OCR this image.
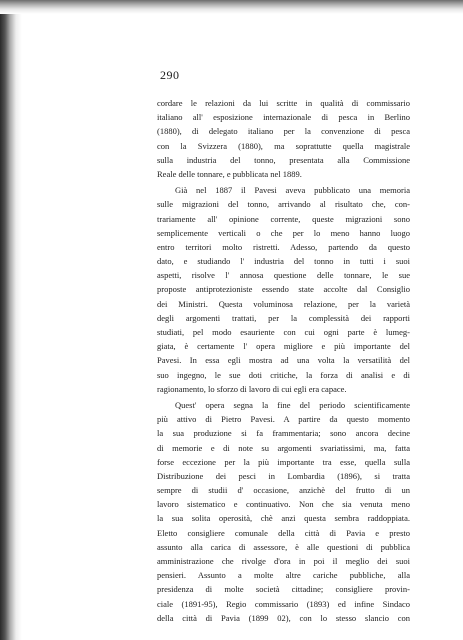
290
cordare le relazioni da lui scritte in qualità di commissario
italiano all' esposizione internazionale di pesca in Berlino
(1880), di delegato italiano per la convenzione di pesca
con la Svizzera (1880), ma soprattutte quella magistrale
sulla industria del tonno, presentata alla Commissione
Reale delle tonnare, e pubblicata nel 1889.
Già nel 1887 il Pavesi aveva pubblicato una memoria
sulle migrazioni del tonno, arrivando al risultato che, con-
trariamente all' opinione corrente, queste migrazioni sono
semplicemente verticali o che per lo meno hanno luogo
entro territori molto ristretti. Adesso, partendo da questo
dato, e studiando l' industria del tonno in tutti i suoi
aspetti, risolve l' annosa questione delle tonnare, le sue
proposte antiprotezioniste essendo state accolte dal Consiglio
dei Ministri. Questa voluminosa relazione, per la varietà
degli argomenti trattati, per la complessità dei rapporti
studiati, pel modo esauriente con cui ogni parte è lumeg-
giata, è certamente l' opera migliore e più importante del
Pavesi. In essa egli mostra ad una volta la versatilità del
suo ingegno, le sue doti critiche, la forza di analisi e di
ragionamento, lo sforzo di lavoro di cui egli era capace.
Quest' opera segna la fine del periodo scientificamente
più attivo di Pietro Pavesi. A partire da questo momento
la sua produzione si fa frammentaria; sono ancora decine
di memorie e di note su argomenti svariatissimi, ma, fatta
forse eccezione per la più importante tra esse, quella sulla
Distribuzione dei pesci in Lombardia (1896), si tratta
sempre di studii d' occasione, anzichè del frutto di un
lavoro sistematico e continuativo. Non che sia venuta meno
la sua solita operosità, chè anzi questa sembra raddoppiata.
Eletto consigliere comunale della città di Pavia e presto
assunto alla carica di assessore, è alle questioni di pubblica
amministrazione che rivolge d'ora in poi il meglio dei suoi
pensieri. Assunto a molte altre cariche pubbliche, alla
presidenza di molte società cittadine; consigliere provin-
ciale (1891-95), Regio commissario (1893) ed infine Sindaco
della città di Pavia (1899 02), con lo stesso slancio con
